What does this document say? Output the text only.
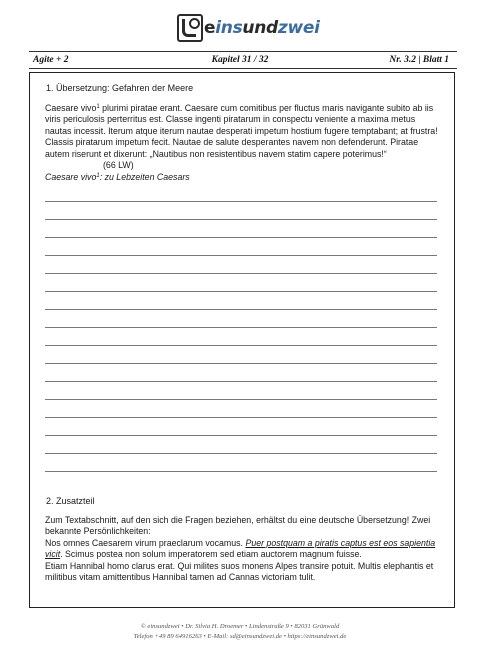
einsundzwei
Agite + 2	Kapitel 31 / 32	Nr. 3.2 | Blatt 1
1. Übersetzung: Gefahren der Meere
Caesare vivo$^1$ plurimi piratae erant. Caesare cum comitibus per fluctus maris navigante subito ab iis viris periculosis perterritus est. Classe ingenti piratarum in conspectu veniente a maxima metus nautas incessit. Iterum atque iterum nautae desperati impetum hostium fugere temptabant; at frustra! Classis piratarum impetum fecit. Nautae de salute desperantes navem non defenderunt. Piratae autem riserunt et dixerunt: „Nautibus non resistentibus navem statim capere poterimus!“(66 LW)
Caesare vivo$^1$: zu Lebzeiten Caesars
2. Zusatzteil
Zum Textabschnitt, auf den sich die Fragen beziehen, erhältst du eine deutsche Übersetzung! Zwei bekannte Persönlichkeiten:
Nos omnes Caesarem virum praeclarum vocamus. Puer postquam a piratis captus est eos sapientia vicit. Scimus postea non solum imperatorem sed etiam auctorem magnum fuisse.
Etiam Hannibal homo clarus erat. Qui milites suos monens Alpes transire potuit. Multis elephantis et militibus vitam amittentibus Hannibal tamen ad Cannas victoriam tulit.
© einsundzwei • Dr. Silvia H. Droemer • Lindenstraße 9 • 82031 Grünwald
Telefon +49 89 64916263 • E-Mail: sd@einsundzwei.de • https://einsundzwei.de
